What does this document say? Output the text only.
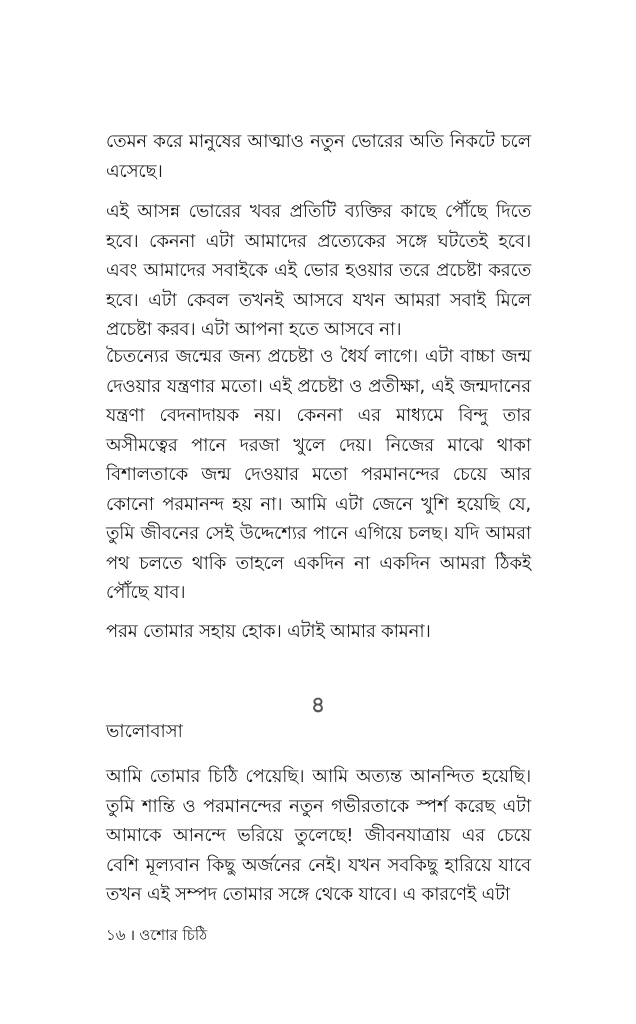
তেমন করে মানুষের আত্মাও নতুন ভোরের অতি নিকটে চলে এসেছে।
এই আসন্ন ভোরের খবর প্রতিটি ব্যক্তির কাছে পৌঁছে দিতে হবে। কেননা এটা আমাদের প্রত্যেকের সঙ্গে ঘটতেই হবে। এবং আমাদের সবাইকে এই ভোর হওয়ার তরে প্রচেষ্টা করতে হবে। এটা কেবল তখনই আসবে যখন আমরা সবাই মিলে প্রচেষ্টা করব। এটা আপনা হতে আসবে না।
চৈতন্যের জন্মের জন্য প্রচেষ্টা ও ধৈর্য লাগে। এটা বাচ্চা জন্ম দেওয়ার যন্ত্রণার মতো। এই প্রচেষ্টা ও প্রতীক্ষা, এই জন্মদানের যন্ত্রণা বেদনাদায়ক নয়। কেননা এর মাধ্যমে বিন্দু তার অসীমত্বের পানে দরজা খুলে দেয়। নিজের মাঝে থাকা বিশালতাকে জন্ম দেওয়ার মতো পরমানন্দের চেয়ে আর কোনো পরমানন্দ হয় না। আমি এটা জেনে খুশি হয়েছি যে, তুমি জীবনের সেই উদ্দেশ্যের পানে এগিয়ে চলছ। যদি আমরা পথ চলতে থাকি তাহলে একদিন না একদিন আমরা ঠিকই পৌঁছে যাব।
পরম তোমার সহায় হোক। এটাই আমার কামনা।
৪
ভালোবাসা
আমি তোমার চিঠি পেয়েছি। আমি অত্যন্ত আনন্দিত হয়েছি। তুমি শান্তি ও পরমানন্দের নতুন গভীরতাকে স্পর্শ করেছ এটা আমাকে আনন্দে ভরিয়ে তুলেছে! জীবনযাত্রায় এর চেয়ে বেশি মূল্যবান কিছু অর্জনের নেই। যখন সবকিছু হারিয়ে যাবে তখন এই সম্পদ তোমার সঙ্গে থেকে যাবে। এ কারণেই এটা
১৬ । ওশোর চিঠি
